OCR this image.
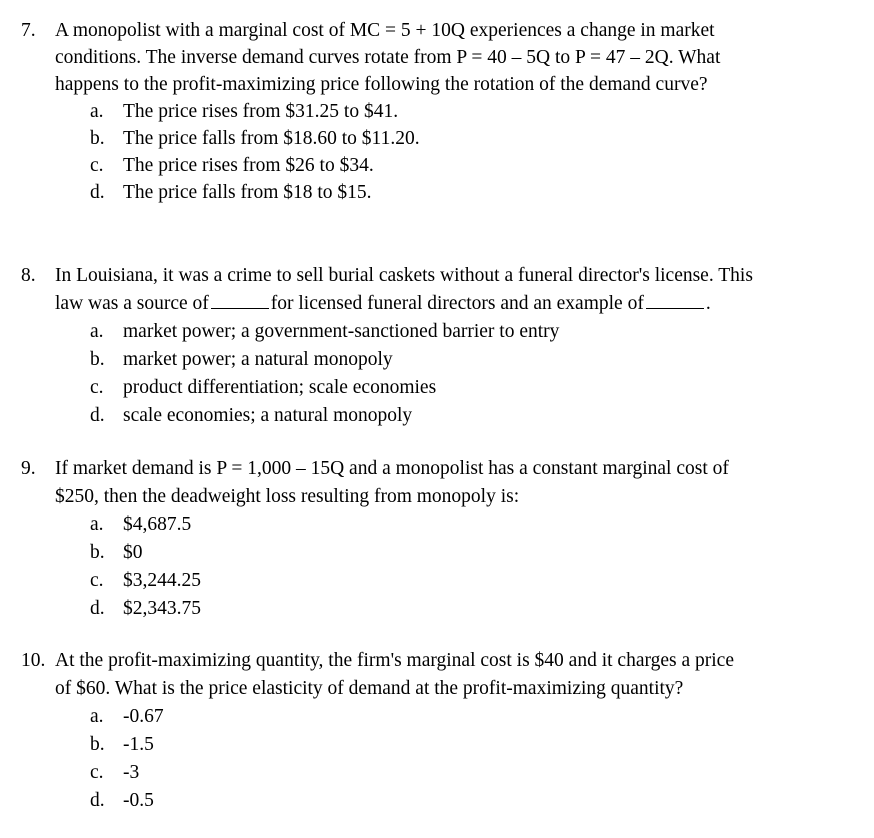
7. A monopolist with a marginal cost of MC = 5 + 10Q experiences a change in market
conditions. The inverse demand curves rotate from P = 40 – 5Q to P = 47 – 2Q. What
happens to the profit-maximizing price following the rotation of the demand curve?
a. The price rises from $31.25 to $41.
b. The price falls from $18.60 to $11.20.
c. The price rises from $26 to $34.
d. The price falls from $18 to $15.
8. In Louisiana, it was a crime to sell burial caskets without a funeral director's license. This
law was a source of	for licensed funeral directors and an example of	.
a. market power; a government-sanctioned barrier to entry
b. market power; a natural monopoly
c. product differentiation; scale economies
d. scale economies; a natural monopoly
9. If market demand is P = 1,000 – 15Q and a monopolist has a constant marginal cost of
$250, then the deadweight loss resulting from monopoly is:
a. $4,687.5
b. $0
c. $3,244.25
d. $2,343.75
10. At the profit-maximizing quantity, the firm's marginal cost is $40 and it charges a price
of $60. What is the price elasticity of demand at the profit-maximizing quantity?
a. -0.67
b. -1.5
c. -3
d. -0.5
